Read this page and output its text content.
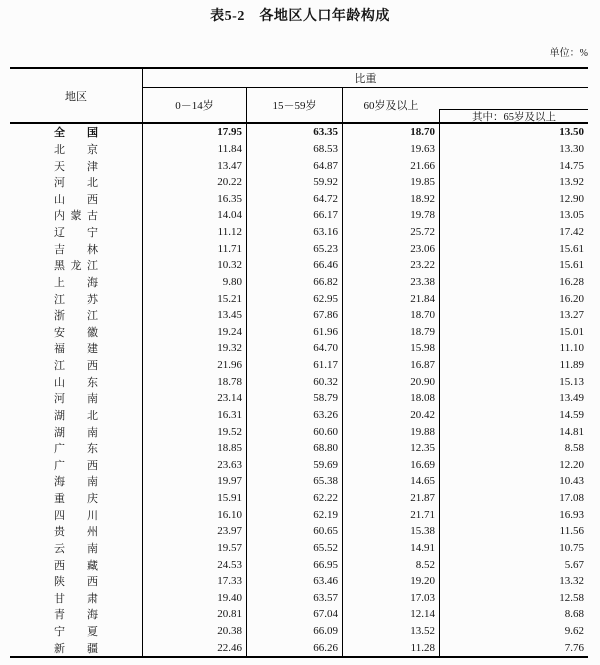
表5-2　各地区人口年龄构成
单位：%
地区
比重
0－14岁	15－59岁	60岁及以上
其中：65岁及以上
全国	17.95	63.35	18.70	13.50
北京	11.84	68.53	19.63	13.30
天津	13.47	64.87	21.66	14.75
河北	20.22	59.92	19.85	13.92
山西	16.35	64.72	18.92	12.90
内蒙古	14.04	66.17	19.78	13.05
辽宁	11.12	63.16	25.72	17.42
吉林	11.71	65.23	23.06	15.61
黑龙江	10.32	66.46	23.22	15.61
上海	9.80	66.82	23.38	16.28
江苏	15.21	62.95	21.84	16.20
浙江	13.45	67.86	18.70	13.27
安徽	19.24	61.96	18.79	15.01
福建	19.32	64.70	15.98	11.10
江西	21.96	61.17	16.87	11.89
山东	18.78	60.32	20.90	15.13
河南	23.14	58.79	18.08	13.49
湖北	16.31	63.26	20.42	14.59
湖南	19.52	60.60	19.88	14.81
广东	18.85	68.80	12.35	8.58
广西	23.63	59.69	16.69	12.20
海南	19.97	65.38	14.65	10.43
重庆	15.91	62.22	21.87	17.08
四川	16.10	62.19	21.71	16.93
贵州	23.97	60.65	15.38	11.56
云南	19.57	65.52	14.91	10.75
西藏	24.53	66.95	8.52	5.67
陕西	17.33	63.46	19.20	13.32
甘肃	19.40	63.57	17.03	12.58
青海	20.81	67.04	12.14	8.68
宁夏	20.38	66.09	13.52	9.62
新疆	22.46	66.26	11.28	7.76
